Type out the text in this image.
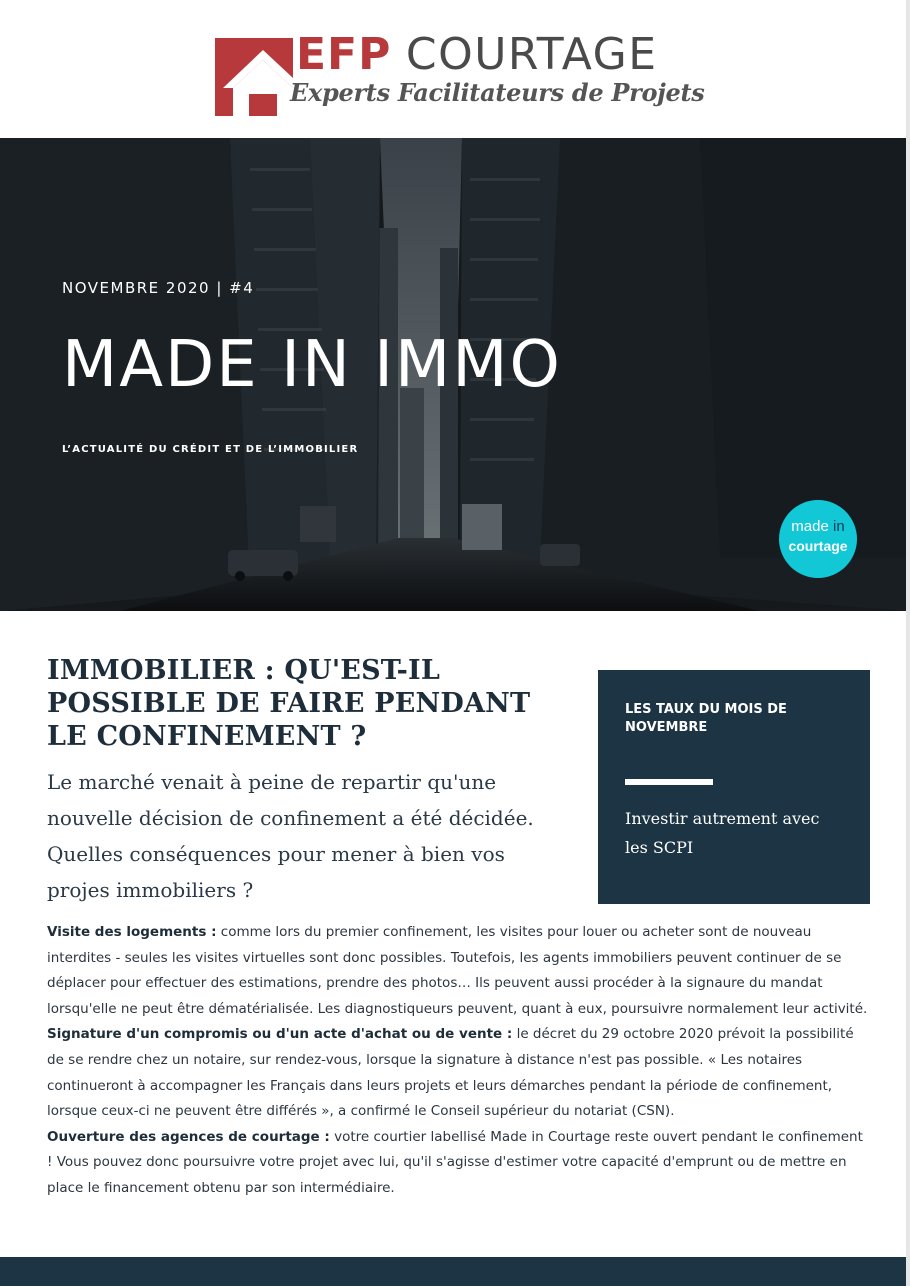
EFP COURTAGE
Experts Facilitateurs de Projets
NOVEMBRE 2020 | #4
MADE IN IMMO
L’ACTUALITÉ DU CRÉDIT ET DE L’IMMOBILIER
made in
courtage
IMMOBILIER : QU'EST-IL POSSIBLE DE FAIRE PENDANT LE CONFINEMENT ?

Le marché venait à peine de repartir qu'une nouvelle décision de confinement a été décidée. Quelles conséquences pour mener à bien vos projes immobiliers ?

LES TAUX DU MOIS DE NOVEMBRE
Investir autrement avec les SCPI

Visite des logements : comme lors du premier confinement, les visites pour louer ou acheter sont de nouveau interdites - seules les visites virtuelles sont donc possibles. Toutefois, les agents immobiliers peuvent continuer de se déplacer pour effectuer des estimations, prendre des photos… Ils peuvent aussi procéder à la signaure du mandat lorsqu'elle ne peut être dématérialisée. Les diagnostiqueurs peuvent, quant à eux, poursuivre normalement leur activité.

Signature d'un compromis ou d'un acte d'achat ou de vente : le décret du 29 octobre 2020 prévoit la possibilité de se rendre chez un notaire, sur rendez-vous, lorsque la signature à distance n'est pas possible. « Les notaires continueront à accompagner les Français dans leurs projets et leurs démarches pendant la période de confinement, lorsque ceux-ci ne peuvent être différés », a confirmé le Conseil supérieur du notariat (CSN).

Ouverture des agences de courtage : votre courtier labellisé Made in Courtage reste ouvert pendant le confinement ! Vous pouvez donc poursuivre votre projet avec lui, qu'il s'agisse d'estimer votre capacité d'emprunt ou de mettre en place le financement obtenu par son intermédiaire.
